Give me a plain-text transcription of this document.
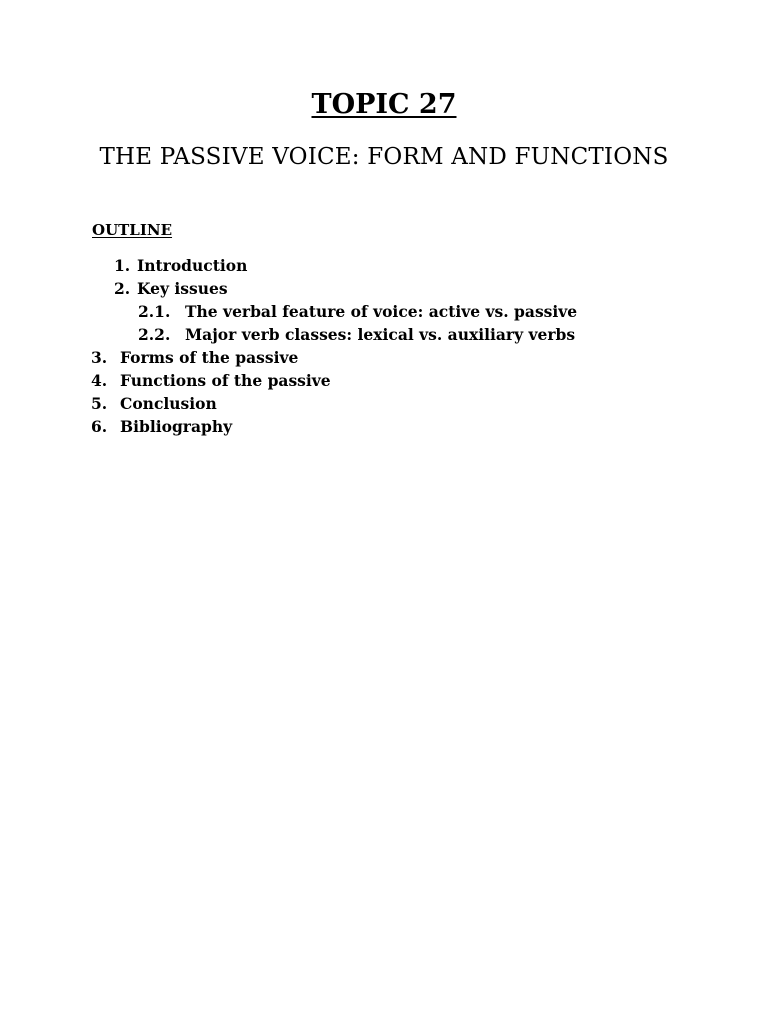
TOPIC 27
THE PASSIVE VOICE: FORM AND FUNCTIONS
OUTLINE
1. Introduction
2. Key issues
2.1. The verbal feature of voice: active vs. passive
2.2. Major verb classes: lexical vs. auxiliary verbs
3. Forms of the passive
4. Functions of the passive
5. Conclusion
6. Bibliography
